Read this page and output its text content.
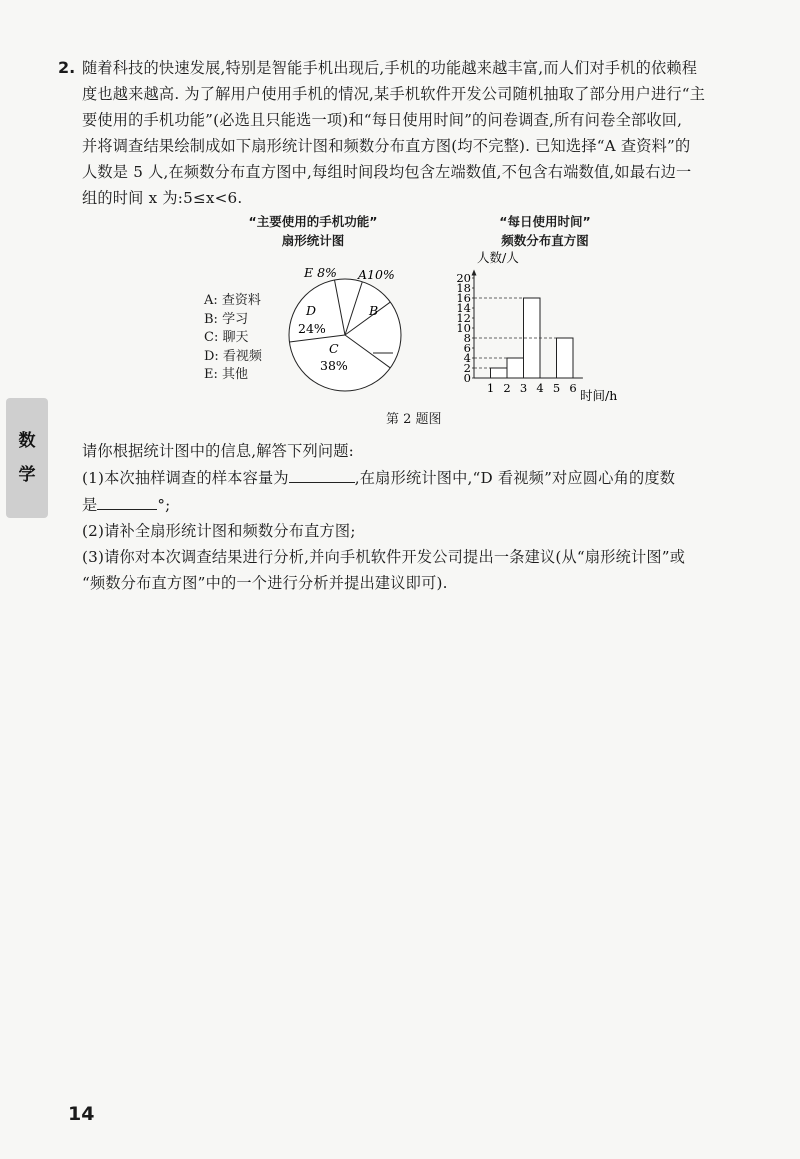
数
学
2. 随着科技的快速发展,特别是智能手机出现后,手机的功能越来越丰富,而人们对手机的依赖程
度也越来越高. 为了解用户使用手机的情况,某手机软件开发公司随机抽取了部分用户进行“主
要使用的手机功能”(必选且只能选一项)和“每日使用时间”的问卷调查,所有问卷全部收回,
并将调查结果绘制成如下扇形统计图和频数分布直方图(均不完整). 已知选择“A 查资料”的
人数是 5 人,在频数分布直方图中,每组时间段均包含左端数值,不包含右端数值,如最右边一
组的时间 x 为:5≤x<6.
“主要使用的手机功能”
扇形统计图
A: 查资料
B: 学习
C: 聊天
D: 看视频
E: 其他
E 8% A10%
B
D
24%
C
38%
“每日使用时间”
频数分布直方图
人数/人
时间/h
0
2
4
6
8
10
12
14
16
18
20
1 2 3 4 5 6
第 2 题图
请你根据统计图中的信息,解答下列问题:
(1)本次抽样调查的样本容量为	,在扇形统计图中,“D 看视频”对应圆心角的度数
是	°;
(2)请补全扇形统计图和频数分布直方图;
(3)请你对本次调查结果进行分析,并向手机软件开发公司提出一条建议(从“扇形统计图”或
“频数分布直方图”中的一个进行分析并提出建议即可).
14
